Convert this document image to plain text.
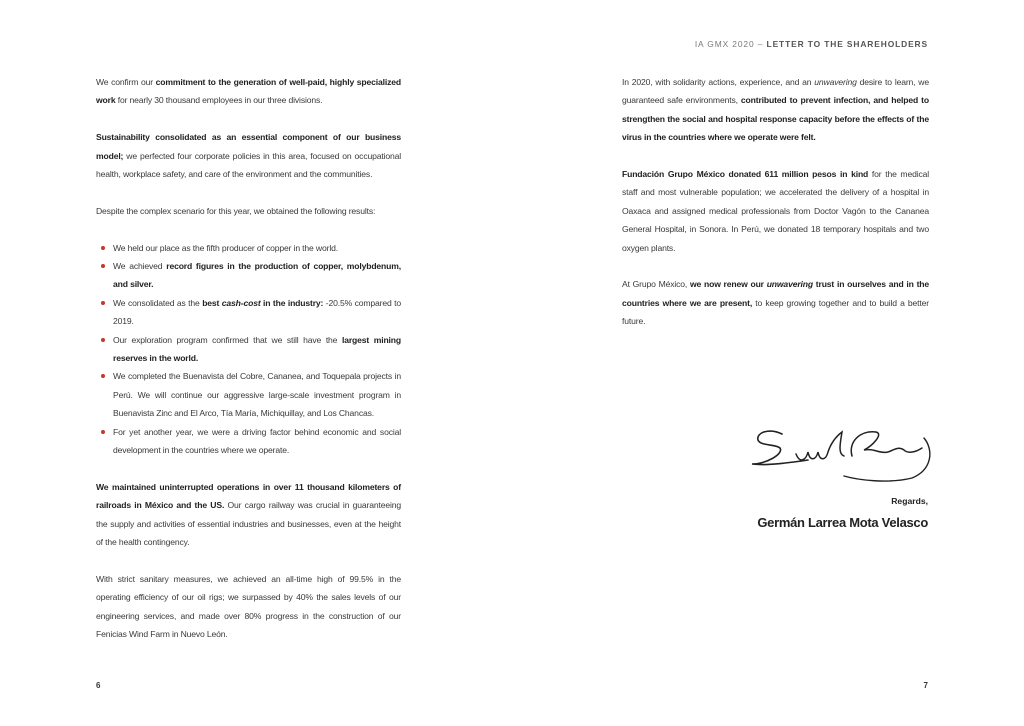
IA GMX 2020 – LETTER TO THE SHAREHOLDERS

We confirm our commitment to the generation of well-paid, highly specialized work for nearly 30 thousand employees in our three divisions.

Sustainability consolidated as an essential component of our business model; we perfected four corporate policies in this area, focused on occupational health, workplace safety, and care of the environment and the communities.

Despite the complex scenario for this year, we obtained the following results:

We held our place as the fifth producer of copper in the world.
We achieved record figures in the production of copper, molybdenum, and silver.
We consolidated as the best cash-cost in the industry: -20.5% compared to 2019.
Our exploration program confirmed that we still have the largest mining reserves in the world.
We completed the Buenavista del Cobre, Cananea, and Toquepala projects in Perú. We will continue our aggressive large-scale investment program in Buenavista Zinc and El Arco, Tía María, Michiquillay, and Los Chancas.
For yet another year, we were a driving factor behind economic and social development in the countries where we operate.

We maintained uninterrupted operations in over 11 thousand kilometers of railroads in México and the US. Our cargo railway was crucial in guaranteeing the supply and activities of essential industries and businesses, even at the height of the health contingency.

With strict sanitary measures, we achieved an all-time high of 99.5% in the operating efficiency of our oil rigs; we surpassed by 40% the sales levels of our engineering services, and made over 80% progress in the construction of our Fenicias Wind Farm in Nuevo León.

In 2020, with solidarity actions, experience, and an unwavering desire to learn, we guaranteed safe environments, contributed to prevent infection, and helped to strengthen the social and hospital response capacity before the effects of the virus in the countries where we operate were felt.

Fundación Grupo México donated 611 million pesos in kind for the medical staff and most vulnerable population; we accelerated the delivery of a hospital in Oaxaca and assigned medical professionals from Doctor Vagón to the Cananea General Hospital, in Sonora. In Perú, we donated 18 temporary hospitals and two oxygen plants.

At Grupo México, we now renew our unwavering trust in ourselves and in the countries where we are present, to keep growing together and to build a better future.

Regards,
Germán Larrea Mota Velasco
6	7
